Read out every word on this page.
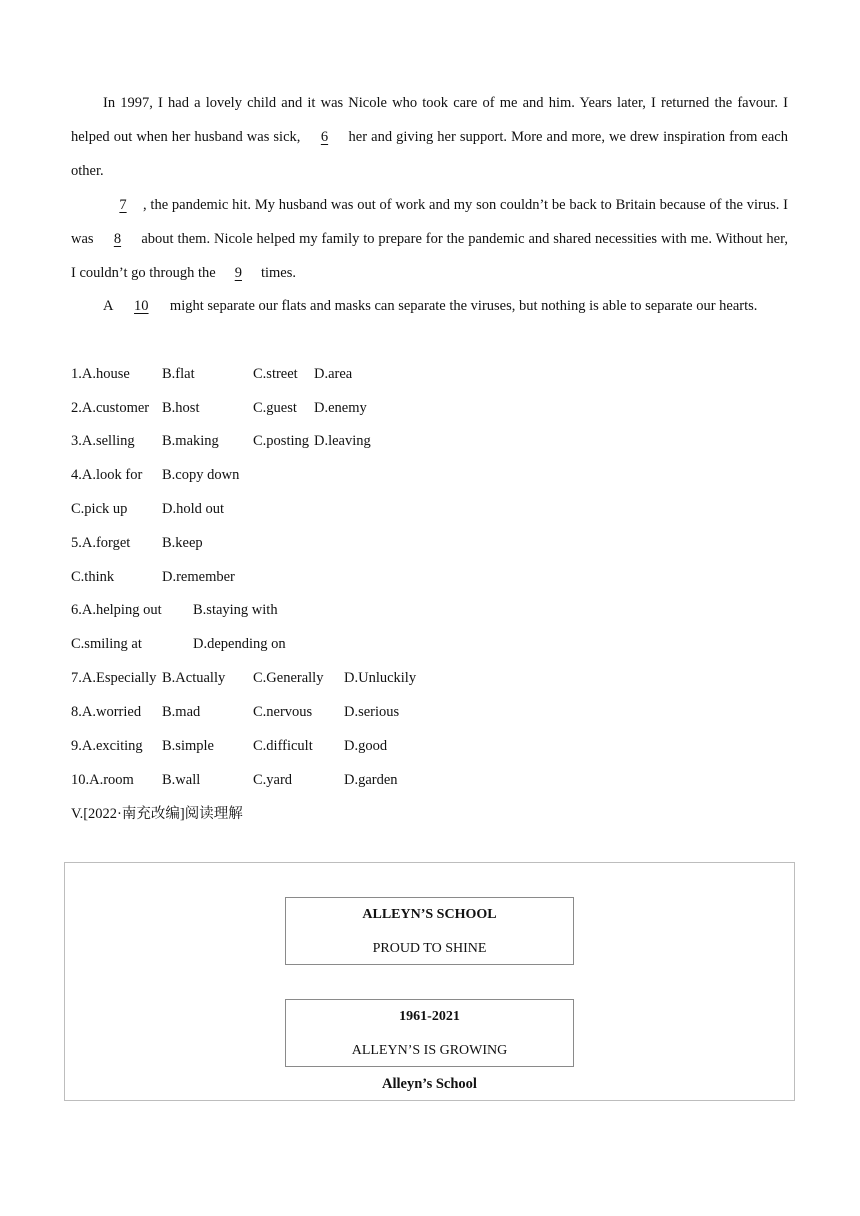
In 1997, I had a lovely child and it was Nicole who took care of me and him. Years later, I returned the favour. I helped out when her husband was sick, 6 her and giving her support. More and more, we drew inspiration from each other.
7 , the pandemic hit. My husband was out of work and my son couldn’t be back to Britain because of the virus. I was 8 about them. Nicole helped my family to prepare for the pandemic and shared necessities with me. Without her, I couldn’t go through the 9 times.
A 10 might separate our flats and masks can separate the viruses, but nothing is able to separate our hearts.
1.A.house B.flat	C.street D.area
2.A.customer B.host	C.guest D.enemy
3.A.selling B.making C.posting D.leaving
4.A.look for B.copy down
C.pick up D.hold out
5.A.forget B.keep
C.think	D.remember
6.A.helping out B.staying with
C.smiling at	D.depending on
7.A.Especially B.Actually C.Generally D.Unluckily
8.A.worried B.mad	C.nervous D.serious
9.A.exciting B.simple	C.difficult D.good
10.A.room B.wall	C.yard	D.garden
V.[2022·南充改编]阅读理解
ALLEYN’S SCHOOL
PROUD TO SHINE
1961-2021
ALLEYN’S IS GROWING
Alleyn’s School
